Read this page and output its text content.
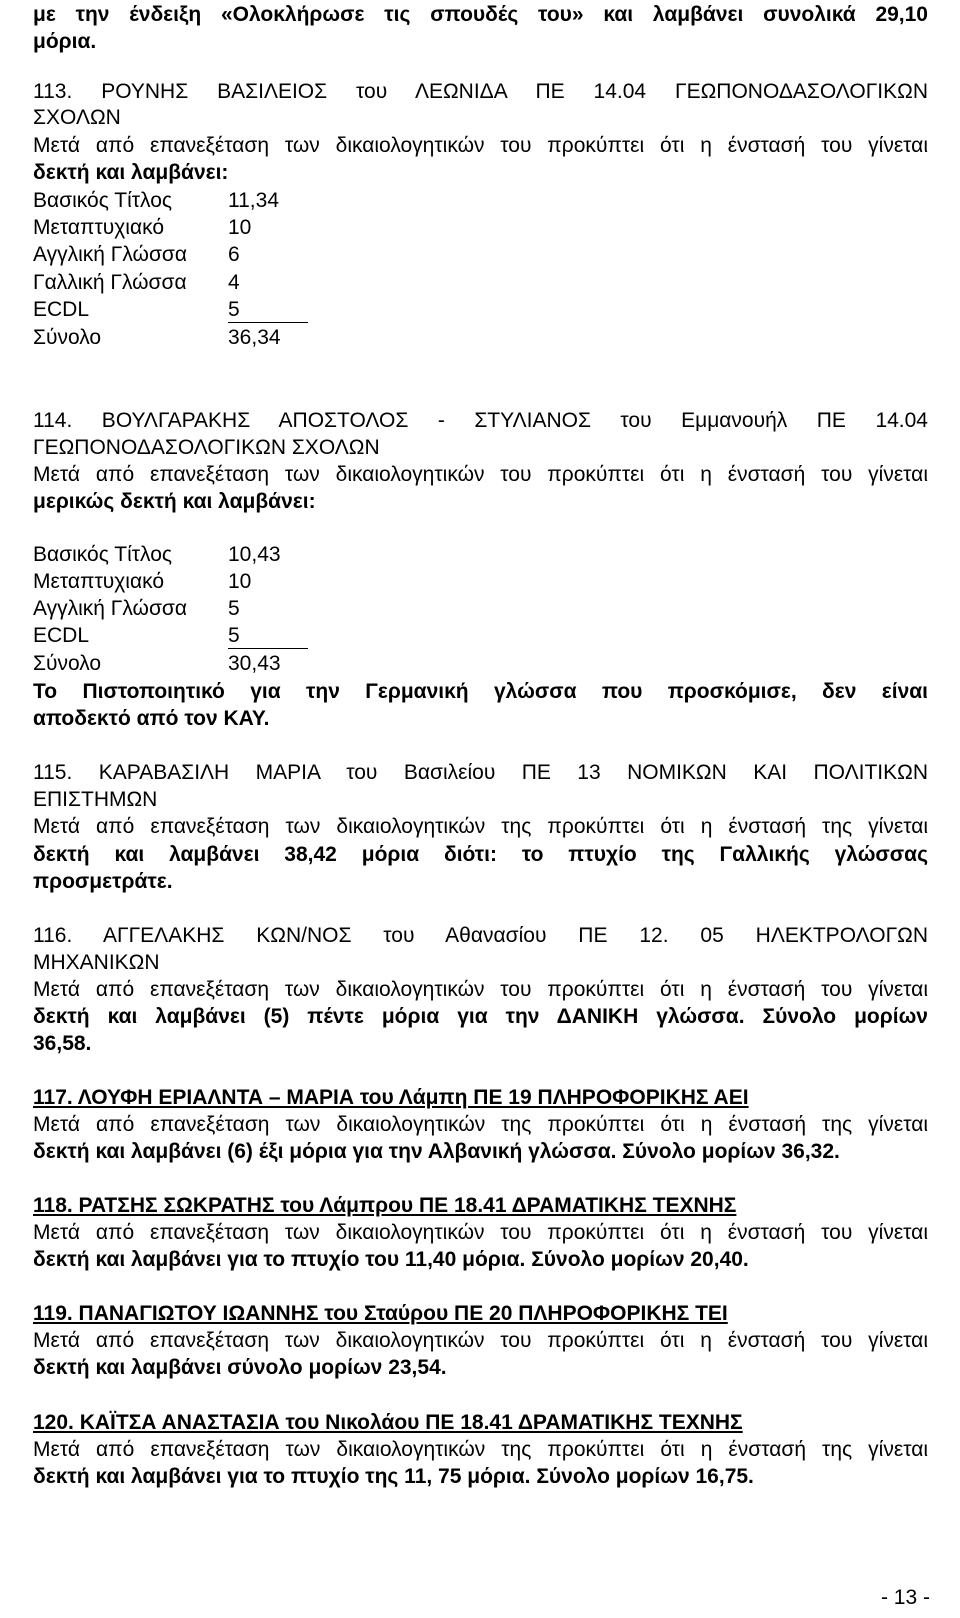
με την ένδειξη «Ολοκλήρωσε τις σπουδές του» και λαμβάνει συνολικά 29,10
μόρια.
113. ΡΟΥΝΗΣ ΒΑΣΙΛΕΙΟΣ του ΛΕΩΝΙΔΑ ΠΕ 14.04 ΓΕΩΠΟΝΟΔΑΣΟΛΟΓΙΚΩΝ
ΣΧΟΛΩΝ
Μετά από επανεξέταση των δικαιολογητικών του προκύπτει ότι η ένστασή του γίνεται
δεκτή και λαμβάνει:
Βασικός Τίτλος	11,34
Μεταπτυχιακό	10
Αγγλική Γλώσσα 6
Γαλλική Γλώσσα 4
ECDL	5
Σύνολο	36,34
114. ΒΟΥΛΓΑΡΑΚΗΣ ΑΠΟΣΤΟΛΟΣ - ΣΤΥΛΙΑΝΟΣ του Εμμανουήλ ΠΕ 14.04
ΓΕΩΠΟΝΟΔΑΣΟΛΟΓΙΚΩΝ ΣΧΟΛΩΝ
Μετά από επανεξέταση των δικαιολογητικών του προκύπτει ότι η ένστασή του γίνεται
μερικώς δεκτή και λαμβάνει:
Βασικός Τίτλος	10,43
Μεταπτυχιακό	10
Αγγλική Γλώσσα 5
ECDL	5
Σύνολο	30,43
Το Πιστοποιητικό για την Γερμανική γλώσσα που προσκόμισε, δεν είναι
αποδεκτό από τον ΚΑΥ.
115. ΚΑΡΑΒΑΣΙΛΗ ΜΑΡΙΑ του Βασιλείου ΠΕ 13 ΝΟΜΙΚΩΝ ΚΑΙ ΠΟΛΙΤΙΚΩΝ
ΕΠΙΣΤΗΜΩΝ
Μετά από επανεξέταση των δικαιολογητικών της προκύπτει ότι η ένστασή της γίνεται
δεκτή και λαμβάνει 38,42 μόρια διότι: το πτυχίο της Γαλλικής γλώσσας
προσμετράτε.
116. ΑΓΓΕΛΑΚΗΣ ΚΩΝ/ΝΟΣ του Αθανασίου ΠΕ 12. 05 ΗΛΕΚΤΡΟΛΟΓΩΝ
ΜΗΧΑΝΙΚΩΝ
Μετά από επανεξέταση των δικαιολογητικών του προκύπτει ότι η ένστασή του γίνεται
δεκτή και λαμβάνει (5) πέντε μόρια για την ΔΑΝΙΚΗ γλώσσα. Σύνολο μορίων
36,58.
117. ΛΟΥΦΗ ΕΡΙΑΛΝΤΑ – ΜΑΡΙΑ του Λάμπη ΠΕ 19 ΠΛΗΡΟΦΟΡΙΚΗΣ ΑΕΙ
Μετά από επανεξέταση των δικαιολογητικών της προκύπτει ότι η ένστασή της γίνεται
δεκτή και λαμβάνει (6) έξι μόρια για την Αλβανική γλώσσα. Σύνολο μορίων 36,32.
118. ΡΑΤΣΗΣ ΣΩΚΡΑΤΗΣ του Λάμπρου ΠΕ 18.41 ΔΡΑΜΑΤΙΚΗΣ ΤΕΧΝΗΣ
Μετά από επανεξέταση των δικαιολογητικών του προκύπτει ότι η ένστασή του γίνεται
δεκτή και λαμβάνει για το πτυχίο του 11,40 μόρια. Σύνολο μορίων 20,40.
119. ΠΑΝΑΓΙΩΤΟΥ ΙΩΑΝΝΗΣ του Σταύρου ΠΕ 20 ΠΛΗΡΟΦΟΡΙΚΗΣ ΤΕΙ
Μετά από επανεξέταση των δικαιολογητικών του προκύπτει ότι η ένστασή του γίνεται
δεκτή και λαμβάνει σύνολο μορίων 23,54.
120. ΚΑΪΤΣΑ ΑΝΑΣΤΑΣΙΑ του Νικολάου ΠΕ 18.41 ΔΡΑΜΑΤΙΚΗΣ ΤΕΧΝΗΣ
Μετά από επανεξέταση των δικαιολογητικών της προκύπτει ότι η ένστασή της γίνεται
δεκτή και λαμβάνει για το πτυχίο της 11, 75 μόρια. Σύνολο μορίων 16,75.
- 13 -
